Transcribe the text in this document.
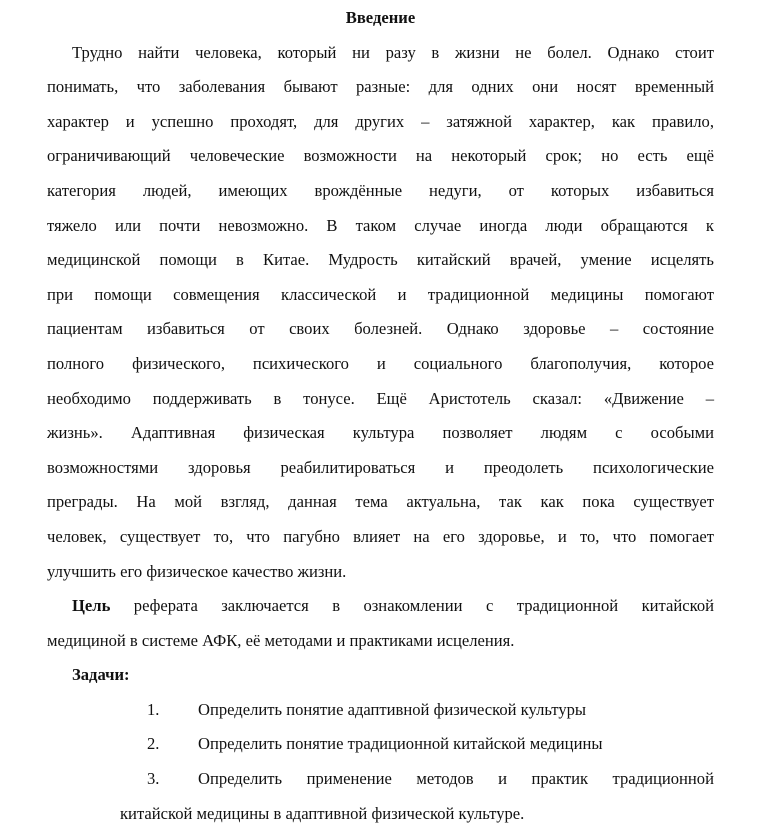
Введение
Трудно найти человека, который ни разу в жизни не болел. Однако стоит
понимать, что заболевания бывают разные: для одних они носят временный
характер и успешно проходят, для других – затяжной характер, как правило,
ограничивающий человеческие возможности на некоторый срок; но есть ещё
категория людей, имеющих врождённые недуги, от которых избавиться
тяжело или почти невозможно. В таком случае иногда люди обращаются к
медицинской помощи в Китае. Мудрость китайский врачей, умение исцелять
при помощи совмещения классической и традиционной медицины помогают
пациентам избавиться от своих болезней. Однако здоровье – состояние
полного физического, психического и социального благополучия, которое
необходимо поддерживать в тонусе. Ещё Аристотель сказал: «Движение –
жизнь». Адаптивная физическая культура позволяет людям с особыми
возможностями здоровья реабилитироваться и преодолеть психологические
преграды. На мой взгляд, данная тема актуальна, так как пока существует
человек, существует то, что пагубно влияет на его здоровье, и то, что помогает
улучшить его физическое качество жизни.
Цель реферата заключается в ознакомлении с традиционной китайской
медициной в системе АФК, её методами и практиками исцеления.
Задачи:
1. Определить понятие адаптивной физической культуры
2. Определить понятие традиционной китайской медицины
3. Определить применение методов и практик традиционной
китайской медицины в адаптивной физической культуре.
